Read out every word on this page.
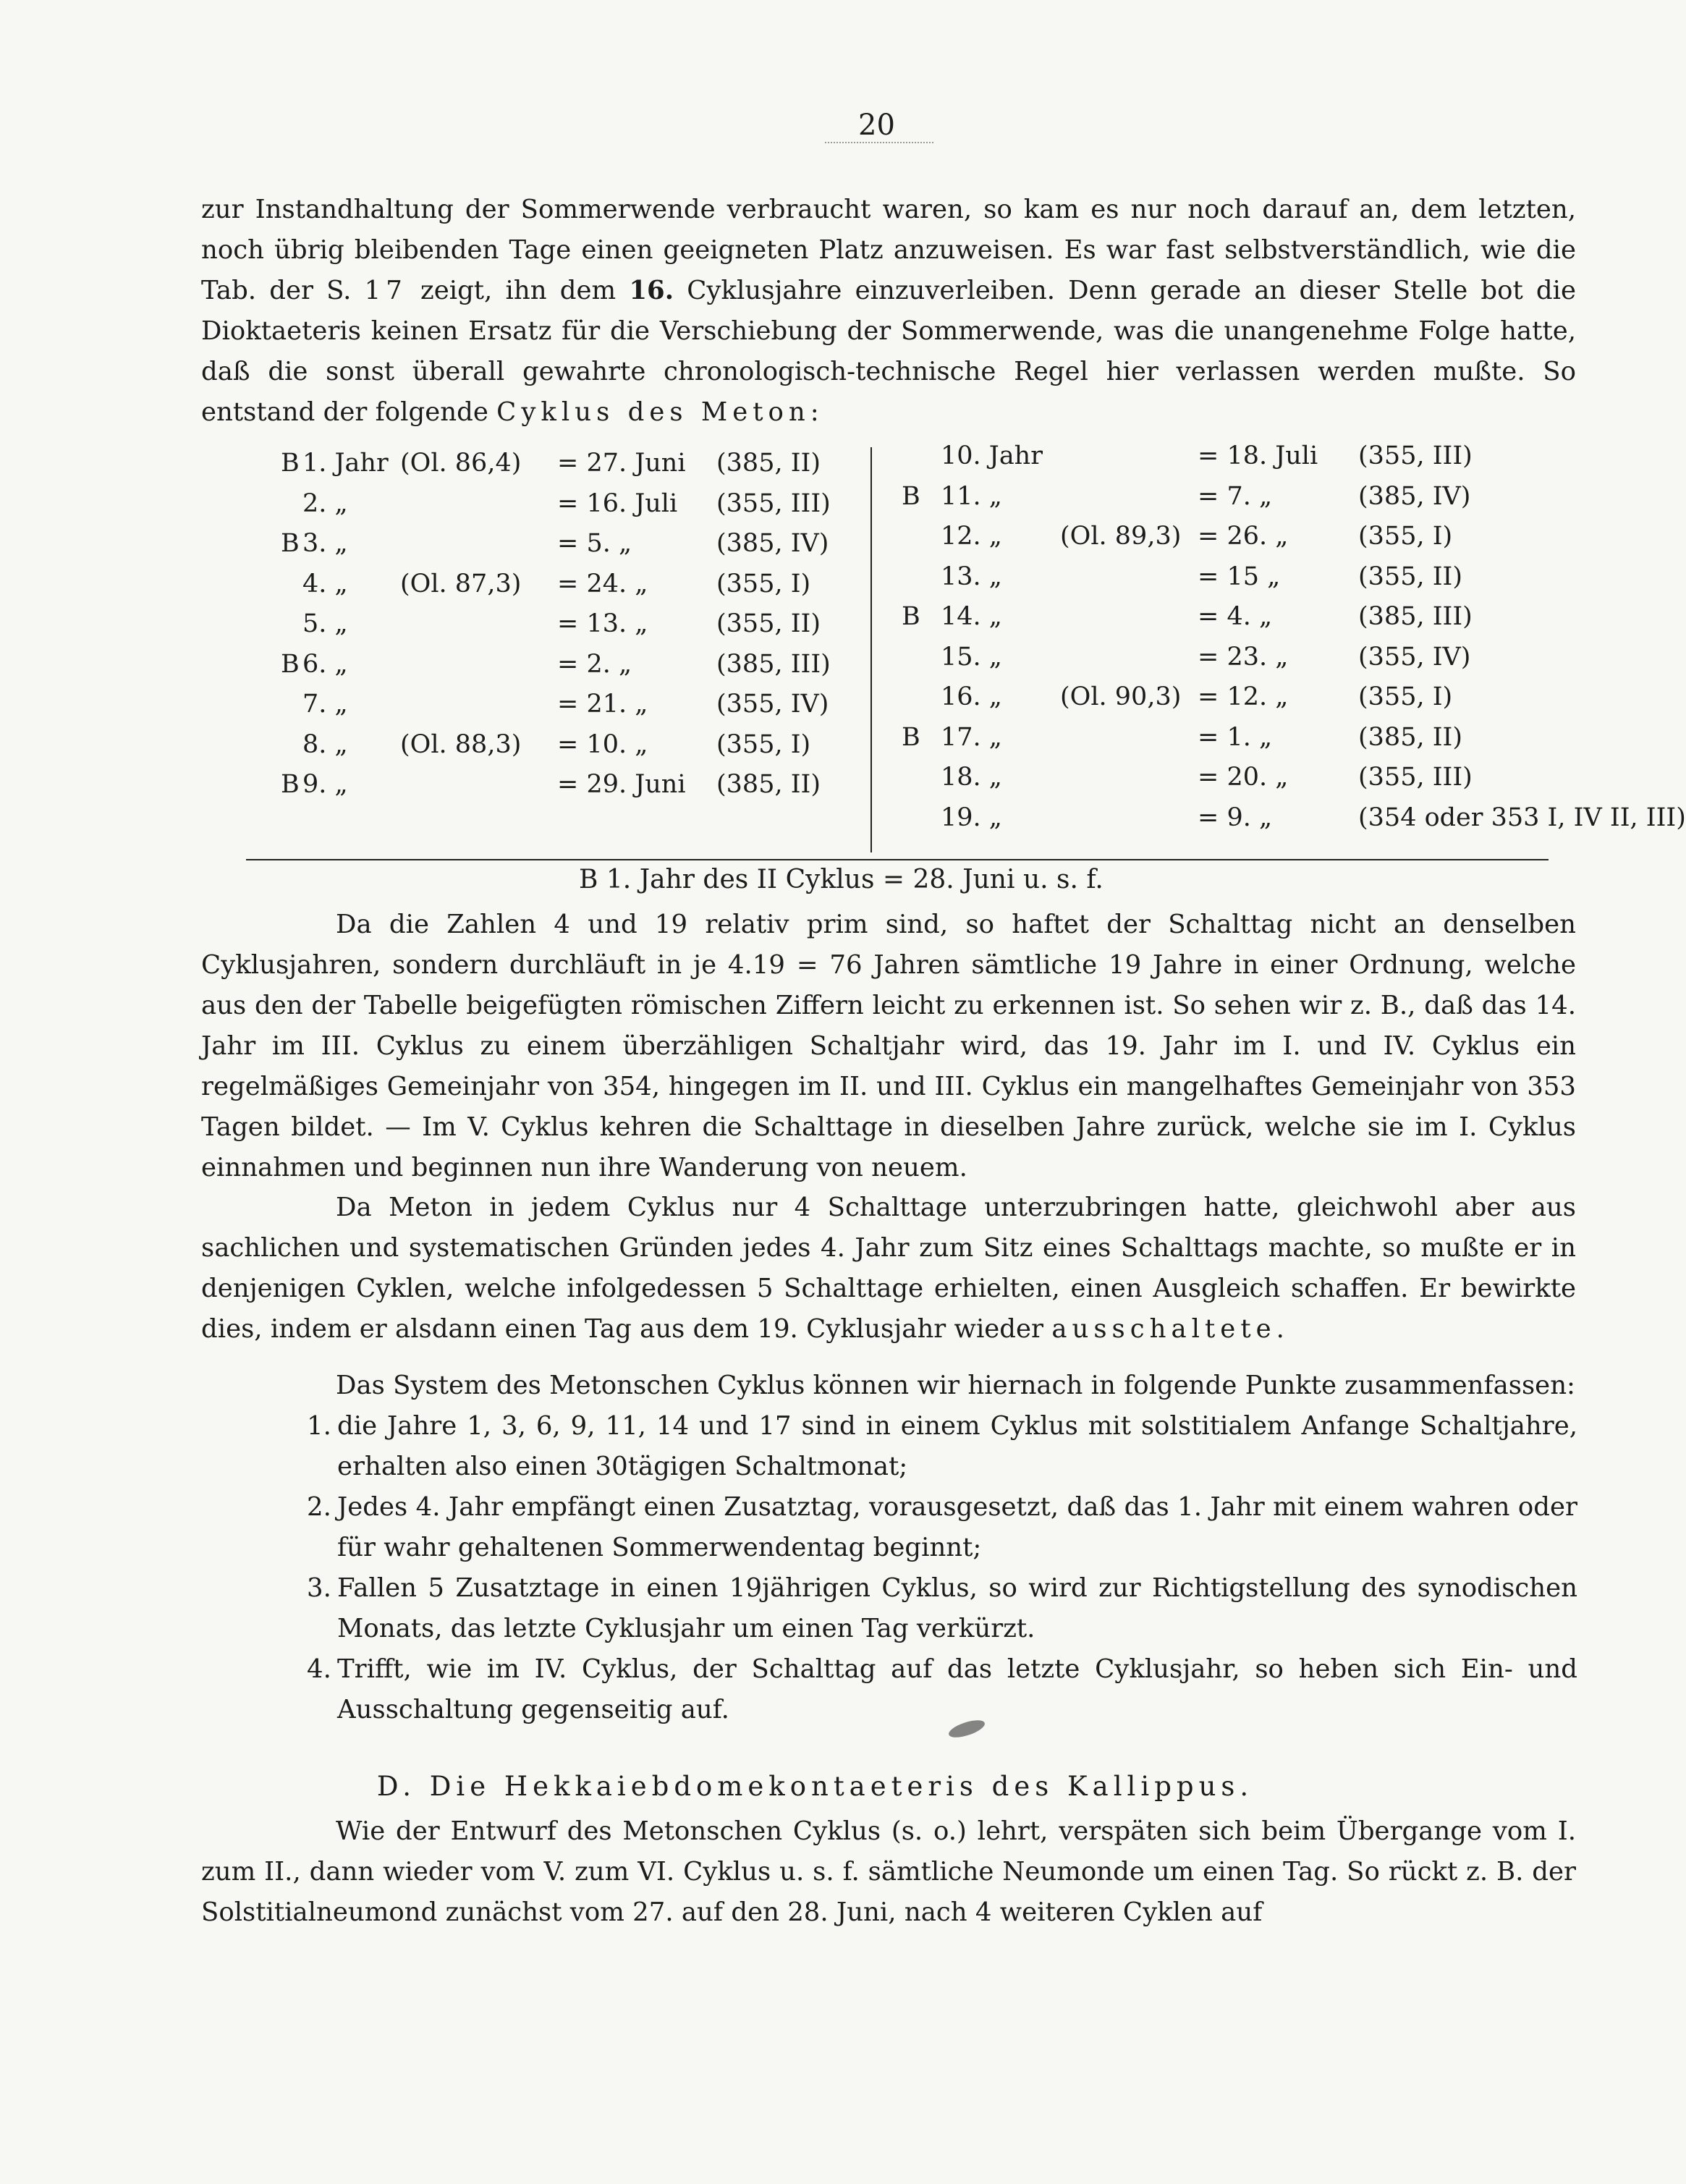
20

zur Instandhaltung der Sommerwende verbraucht waren, so kam es nur noch darauf an, dem letzten, noch übrig bleibenden Tage einen geeigneten Platz anzuweisen. Es war fast selbstverständlich, wie die Tab. der S. 17 zeigt, ihn dem 16. Cyklusjahre einzuverleiben. Denn gerade an dieser Stelle bot die Dioktaeteris keinen Ersatz für die Verschiebung der Sommerwende, was die unangenehme Folge hatte, daß die sonst überall gewahrte chronologisch-technische Regel hier verlassen werden mußte. So entstand der folgende Cyklus des Meton:

B 1. Jahr (Ol. 86,4) = 27. Juni (385, II)
2. „	= 16. Juli (355, III)
B 3. „	= 5. „	(385, IV)
4. „ (Ol. 87,3) = 24. „	(355, I)
5. „	= 13. „	(355, II)
B 6. „	= 2. „	(385, III)
7. „	= 21. „	(355, IV)
8. „ (Ol. 88,3) = 10. „	(355, I)
B 9. „	= 29. Juni (385, II)
10. Jahr	= 18. Juli (355, III)
B 11. „	= 7. „	(385, IV)
12. „ (Ol. 89,3) = 26. „	(355, I)
13. „	= 15 „	(355, II)
B 14. „	= 4. „	(385, III)
15. „	= 23. „	(355, IV)
16. „ (Ol. 90,3) = 12. „	(355, I)
B 17. „	= 1. „	(385, II)
18. „	= 20. „	(355, III)
19. „	= 9. „	(354 oder 353 I, IV II, III)
B 1. Jahr des II Cyklus = 28. Juni u. s. f.

Da die Zahlen 4 und 19 relativ prim sind, so haftet der Schalttag nicht an denselben Cyklusjahren, sondern durchläuft in je 4.19 = 76 Jahren sämtliche 19 Jahre in einer Ordnung, welche aus den der Tabelle beigefügten römischen Ziffern leicht zu erkennen ist. So sehen wir z. B., daß das 14. Jahr im III. Cyklus zu einem überzähligen Schaltjahr wird, das 19. Jahr im I. und IV. Cyklus ein regelmäßiges Gemeinjahr von 354, hingegen im II. und III. Cyklus ein mangelhaftes Gemeinjahr von 353 Tagen bildet. — Im V. Cyklus kehren die Schalttage in dieselben Jahre zurück, welche sie im I. Cyklus einnahmen und beginnen nun ihre Wanderung von neuem.

Da Meton in jedem Cyklus nur 4 Schalttage unterzubringen hatte, gleichwohl aber aus sachlichen und systematischen Gründen jedes 4. Jahr zum Sitz eines Schalttags machte, so mußte er in denjenigen Cyklen, welche infolgedessen 5 Schalttage erhielten, einen Ausgleich schaffen. Er bewirkte dies, indem er alsdann einen Tag aus dem 19. Cyklusjahr wieder ausschaltete.

Das System des Metonschen Cyklus können wir hiernach in folgende Punkte zusammenfassen:

1. die Jahre 1, 3, 6, 9, 11, 14 und 17 sind in einem Cyklus mit solstitialem Anfange Schaltjahre, erhalten also einen 30tägigen Schaltmonat;
2. Jedes 4. Jahr empfängt einen Zusatztag, vorausgesetzt, daß das 1. Jahr mit einem wahren oder für wahr gehaltenen Sommerwendentag beginnt;
3. Fallen 5 Zusatztage in einen 19jährigen Cyklus, so wird zur Richtigstellung des synodischen Monats, das letzte Cyklusjahr um einen Tag verkürzt.
4. Trifft, wie im IV. Cyklus, der Schalttag auf das letzte Cyklusjahr, so heben sich Ein- und Ausschaltung gegenseitig auf.
D. Die Hekkaiebdomekontaeteris des Kallippus.

Wie der Entwurf des Metonschen Cyklus (s. o.) lehrt, verspäten sich beim Übergange vom I. zum II., dann wieder vom V. zum VI. Cyklus u. s. f. sämtliche Neumonde um einen Tag. So rückt z. B. der Solstitialneumond zunächst vom 27. auf den 28. Juni, nach 4 weiteren Cyklen auf
